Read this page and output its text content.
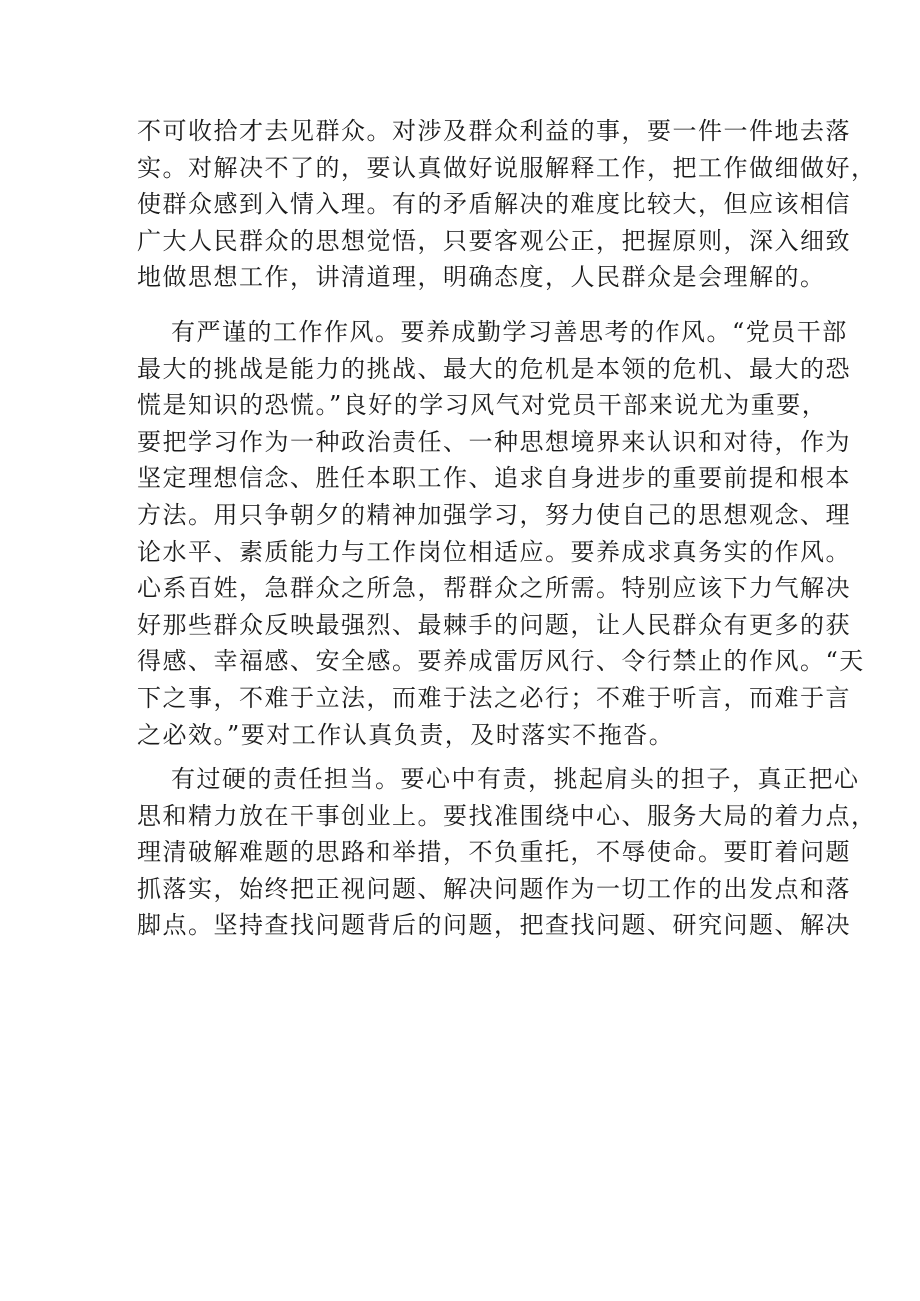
不可收拾才去见群众。对涉及群众利益的事，要一件一件地去落
实。对解决不了的，要认真做好说服解释工作，把工作做细做好，
使群众感到入情入理。有的矛盾解决的难度比较大，但应该相信
广大人民群众的思想觉悟，只要客观公正，把握原则，深入细致
地做思想工作，讲清道理，明确态度，人民群众是会理解的。
有严谨的工作作风。要养成勤学习善思考的作风。“党员干部
最大的挑战是能力的挑战、最大的危机是本领的危机、最大的恐
慌是知识的恐慌。”良好的学习风气对党员干部来说尤为重要，
要把学习作为一种政治责任、一种思想境界来认识和对待，作为
坚定理想信念、胜任本职工作、追求自身进步的重要前提和根本
方法。用只争朝夕的精神加强学习，努力使自己的思想观念、理
论水平、素质能力与工作岗位相适应。要养成求真务实的作风。
心系百姓，急群众之所急，帮群众之所需。特别应该下力气解决
好那些群众反映最强烈、最棘手的问题，让人民群众有更多的获
得感、幸福感、安全感。要养成雷厉风行、令行禁止的作风。“天
下之事，不难于立法，而难于法之必行；不难于听言，而难于言
之必效。”要对工作认真负责，及时落实不拖沓。
有过硬的责任担当。要心中有责，挑起肩头的担子，真正把心
思和精力放在干事创业上。要找准围绕中心、服务大局的着力点，
理清破解难题的思路和举措，不负重托，不辱使命。要盯着问题
抓落实，始终把正视问题、解决问题作为一切工作的出发点和落
脚点。坚持查找问题背后的问题，把查找问题、研究问题、解决
